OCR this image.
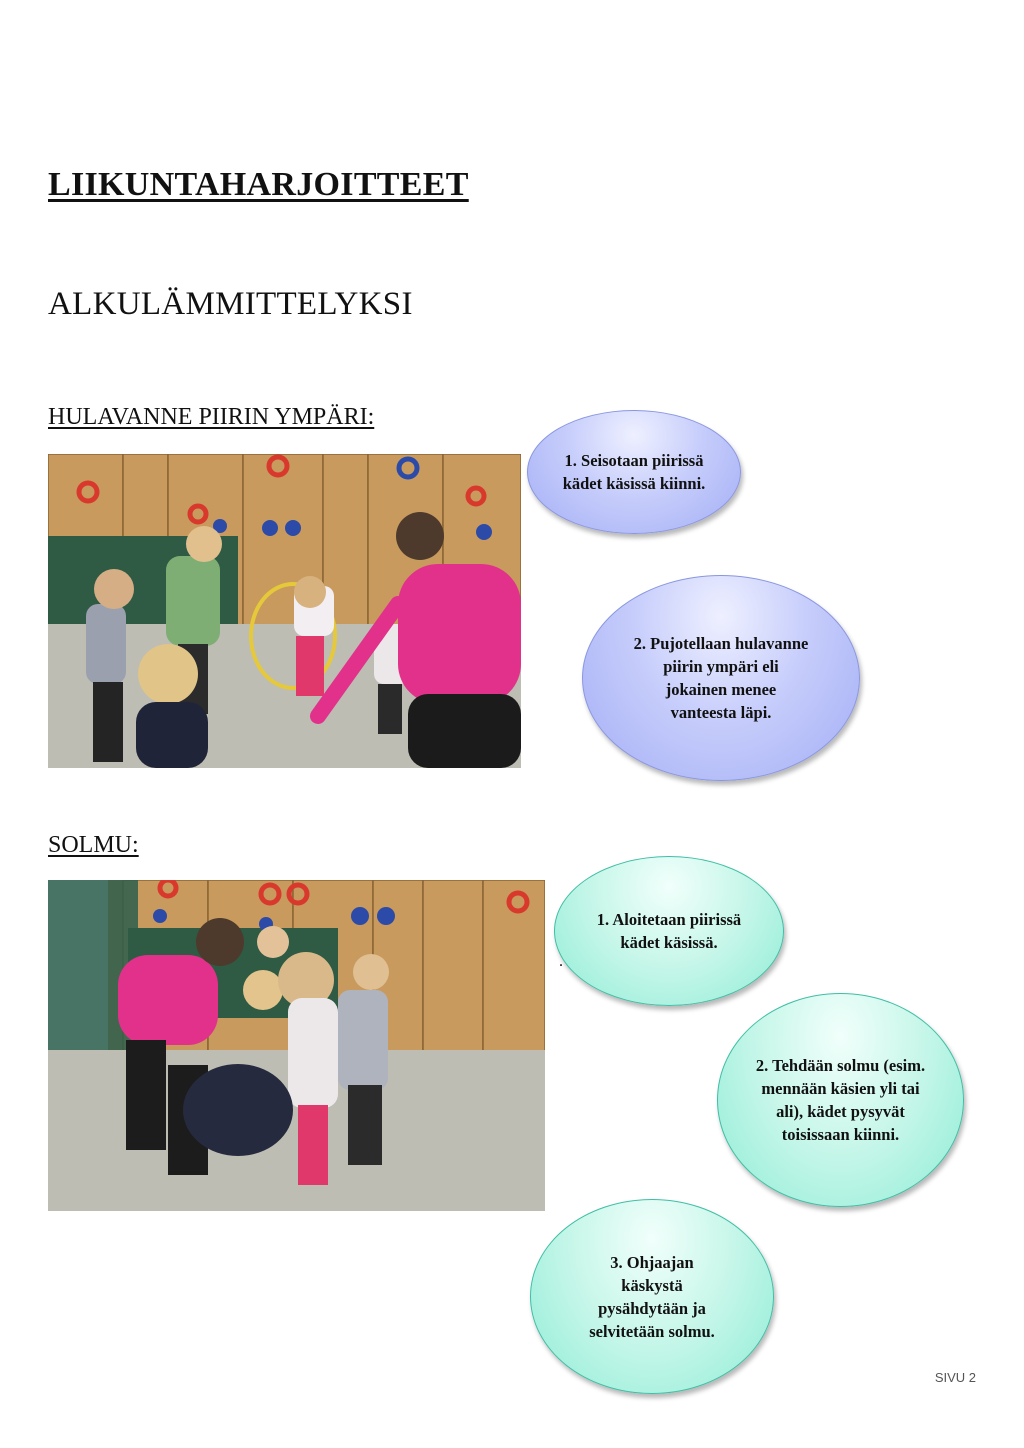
LIIKUNTAHARJOITTEET
ALKULÄMMITTELYKSI
HULAVANNE PIIRIN YMPÄRI:
1. Seisotaan piirissä kädet käsissä kiinni.
2. Pujotellaan hulavanne piirin ympäri eli jokainen menee vanteesta läpi.
SOLMU:
.
1. Aloitetaan piirissä kädet käsissä.
2. Tehdään solmu (esim. mennään käsien yli tai ali), kädet pysyvät toisissaan kiinni.
3. Ohjaajan käskystä pysähdytään ja selvitetään solmu.
SIVU 2
